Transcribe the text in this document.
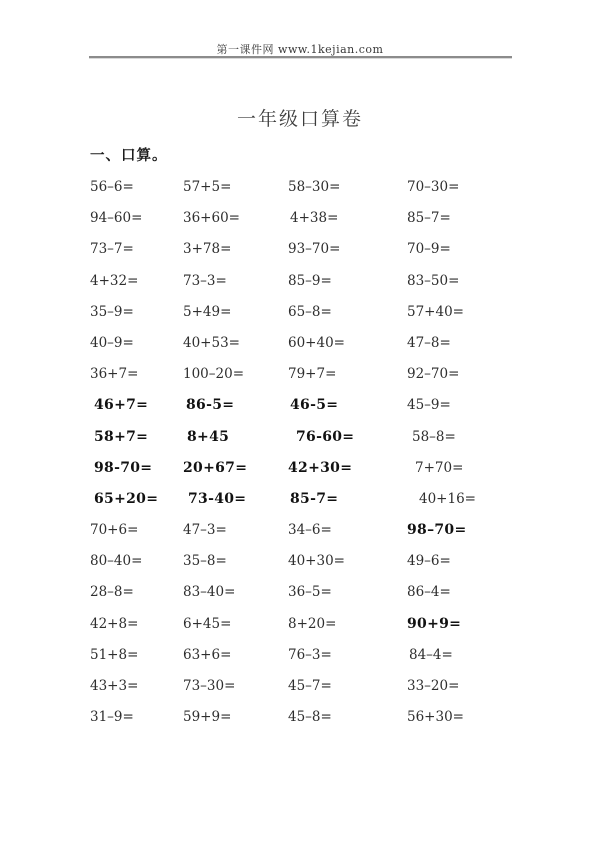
第一课件网 www.1kejian.com
一年级口算卷
一、口算。
56–6=	57+5=	58–30=	70–30=
94–60=	36+60=	4+38=	85–7=
73–7=	3+78=	93–70=	70–9=
4+32=	73–3=	85–9=	83–50=
35–9=	5+49=	65–8=	57+40=
40–9=	40+53=	60+40=	47–8=
36+7=	100–20=	79+7=	92–70=
46+7=	86-5=	46-5=	45–9=
58+7=	8+45	76-60=	58–8=
98-70=	20+67=	42+30=	7+70=
65+20=	73-40=	85-7=	40+16=
70+6=	47–3=	34–6=	98–70=
80–40=	35–8=	40+30=	49–6=
28–8=	83–40=	36–5=	86–4=
42+8=	6+45=	8+20=	90+9=
51+8=	63+6=	76–3=	84–4=
43+3=	73–30=	45–7=	33–20=
31–9=	59+9=	45–8=	56+30=
